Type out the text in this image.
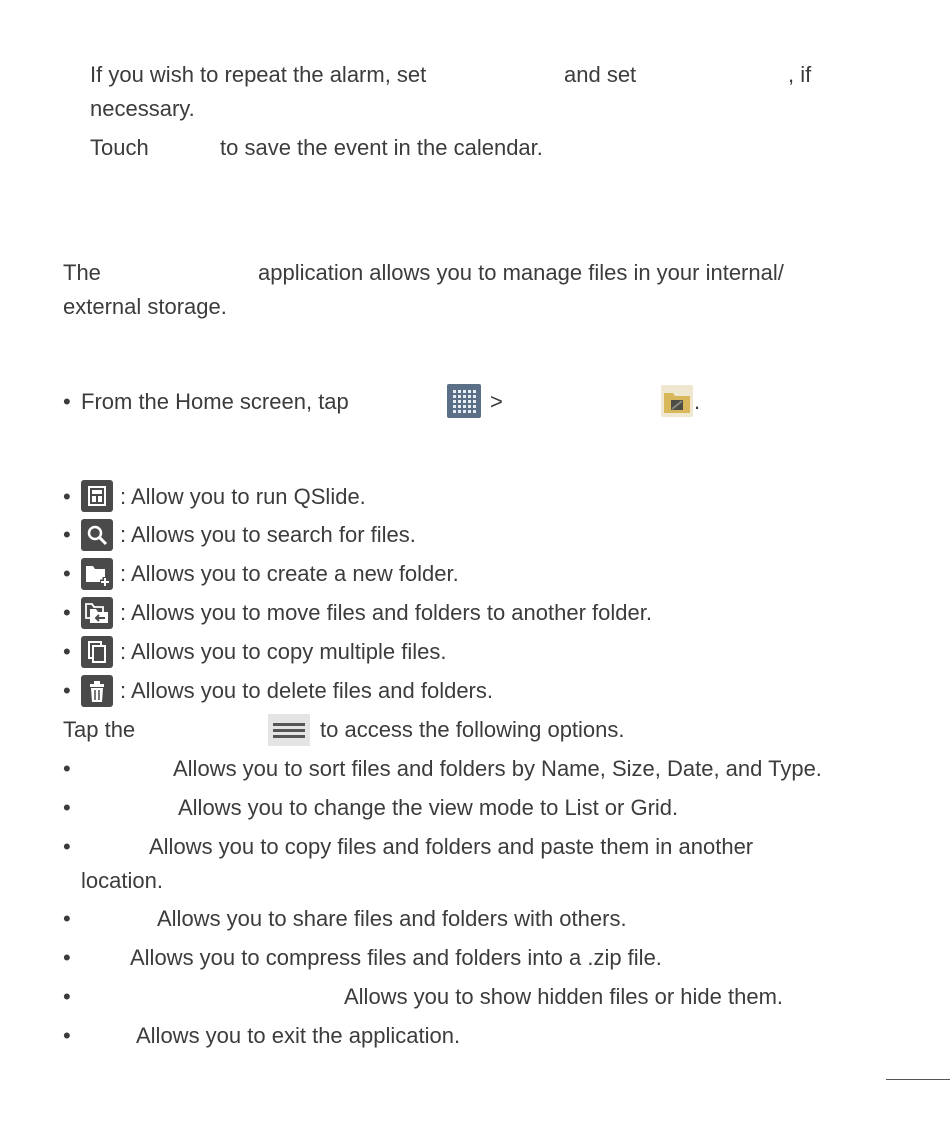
If you wish to repeat the alarm, set	and set	, if
necessary.
Touch	to save the event in the calendar.
The	application allows you to manage files in your internal/
external storage.
• From the Home screen, tap	>	.
• : Allow you to run QSlide.
• : Allows you to search for files.
• : Allows you to create a new folder.
• : Allows you to move files and folders to another folder.
• : Allows you to copy multiple files.
• : Allows you to delete files and folders.
Tap the	to access the following options.
•	Allows you to sort files and folders by Name, Size, Date, and Type.
•	Allows you to change the view mode to List or Grid.
•	Allows you to copy files and folders and paste them in another
location.
•	Allows you to share files and folders with others.
•	Allows you to compress files and folders into a .zip file.
•	Allows you to show hidden files or hide them.
•	Allows you to exit the application.
